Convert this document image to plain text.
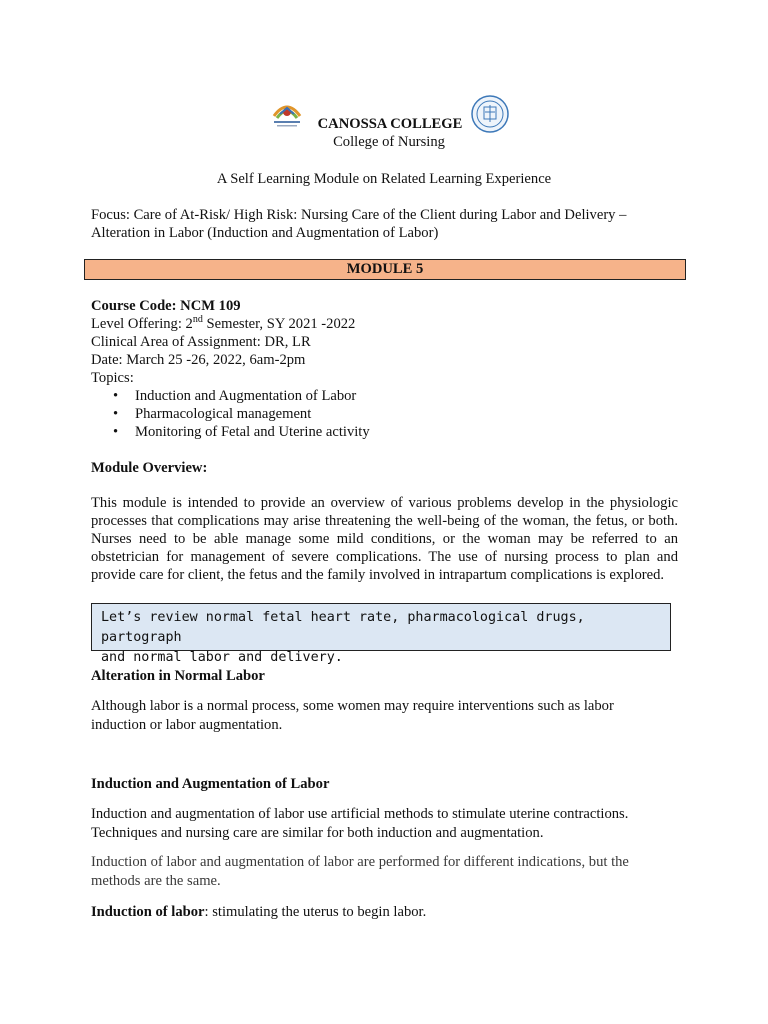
CANOSSA COLLEGE
College of Nursing
A Self Learning Module on Related Learning Experience
Focus: Care of At-Risk/ High Risk: Nursing Care of the Client during Labor and Delivery –
Alteration in Labor (Induction and Augmentation of Labor)
MODULE 5
Course Code: NCM 109
Level Offering: 2nd Semester, SY 2021 -2022
Clinical Area of Assignment: DR, LR
Date: March 25 -26, 2022, 6am-2pm
Topics:
• Induction and Augmentation of Labor
• Pharmacological management
• Monitoring of Fetal and Uterine activity
Module Overview:
This module is intended to provide an overview of various problems develop in the physiologic processes that complications may arise threatening the well-being of the woman, the fetus, or both. Nurses need to be able manage some mild conditions, or the woman may be referred to an obstetrician for management of severe complications. The use of nursing process to plan and provide care for client, the fetus and the family involved in intrapartum complications is explored.
Let’s review normal fetal heart rate, pharmacological drugs, partograph
and normal labor and delivery.
Alteration in Normal Labor
Although labor is a normal process, some women may require interventions such as labor
induction or labor augmentation.
Induction and Augmentation of Labor
Induction and augmentation of labor use artificial methods to stimulate uterine contractions.
Techniques and nursing care are similar for both induction and augmentation.
Induction of labor and augmentation of labor are performed for different indications, but the
methods are the same.
Induction of labor: stimulating the uterus to begin labor.
